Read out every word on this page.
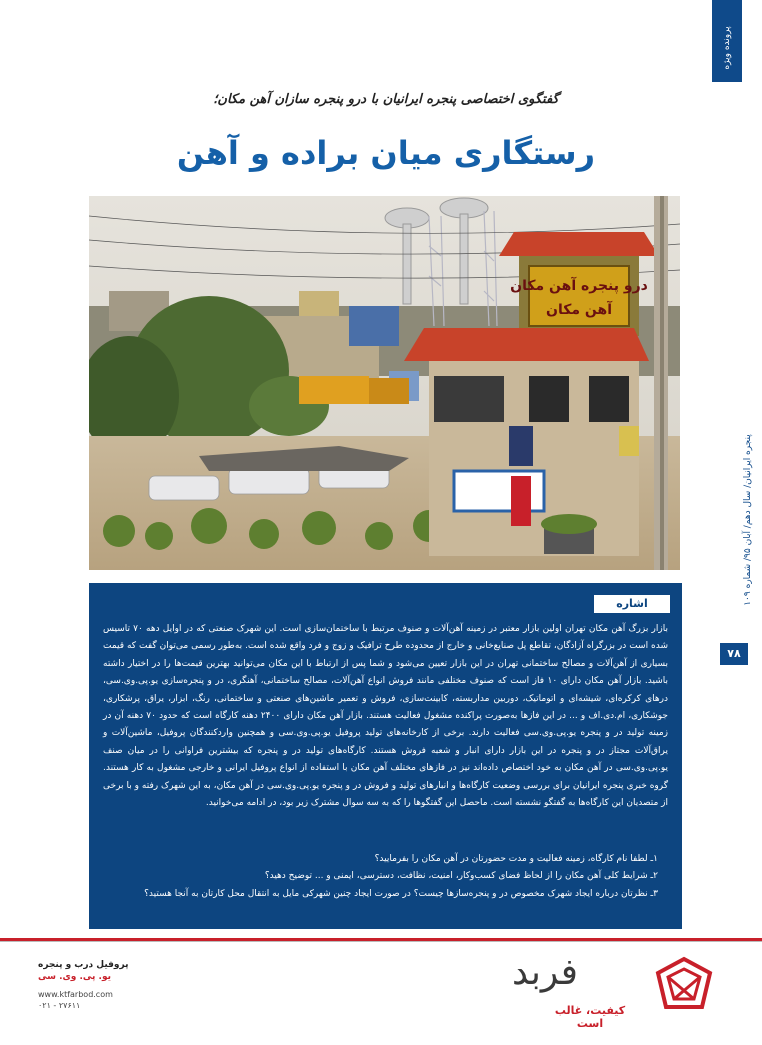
پرونده ویژه
پنجره ایرانیان/ سال دهم/ آبان ۹۵/ شماره ۱۰۹
۷۸
گفتگوی اختصاصی پنجره ایرانیان با درو پنجره سازان آهن مکان؛
رستگاری میان براده و آهن
درو پنجره آهن مکان
آهن مکان
اشاره
بازار بزرگ آهن مکان تهران اولین بازار معتبر در زمینه آهن‌آلات و صنوف مرتبط با ساختمان‌سازی است. این شهرک صنعتی که در اوایل دهه ۷۰ تاسیس شده است در بزرگراه آزادگان، تقاطع پل صنایع‌خانی و خارج از محدوده طرح ترافیک و زوج و فرد واقع شده است. به‌طور رسمی می‌توان گفت که قیمت بسیاری از آهن‌آلات و مصالح ساختمانی تهران در این بازار تعیین می‌شود و شما پس از ارتباط با این مکان می‌توانید بهترین قیمت‌ها را در اختیار داشته باشید. بازار آهن مکان دارای ۱۰ فاز است که صنوف مختلفی مانند فروش انواع آهن‌آلات، مصالح ساختمانی، آهنگری، در و پنجره‌سازی یو.پی.وی.سی، درهای کرکره‌ای، شیشه‌ای و اتوماتیک، دوربین مداربسته، کابینت‌سازی، فروش و تعمیر ماشین‌های صنعتی و ساختمانی، رنگ، ابزار، یراق، پرشکاری، جوشکاری، ام.دی.اف و ... در این فازها به‌صورت پراکنده مشغول فعالیت هستند. بازار آهن مکان دارای ۲۴۰۰ دهنه کارگاه است که حدود ۷۰ دهنه آن در زمینه تولید در و پنجره یو.پی.وی.سی فعالیت دارند. برخی از کارخانه‌های تولید پروفیل یو.پی.وی.سی و همچنین واردکنندگان پروفیل، ماشین‌آلات و یراق‌آلات مجتاز در و پنجره در این بازار دارای انبار و شعبه فروش هستند. کارگاه‌های تولید در و پنجره که بیشترین فراوانی را در میان صنف یو.پی.وی.سی در آهن مکان به خود اختصاص داده‌اند نیز در فازهای مختلف آهن مکان با استفاده از انواع پروفیل ایرانی و خارجی مشغول به کار هستند. گروه خبری پنجره ایرانیان برای بررسی وضعیت کارگاه‌ها و انبارهای تولید و فروش در و پنجره یو.پی.وی.سی در آهن مکان، به این شهرک رفته و با برخی از متصدیان این کارگاه‌ها به گفتگو نشسته است. ماحصل این گفتگوها را که به سه سوال مشترک زیر بود، در ادامه می‌خوانید.

۱ـ لطفا نام کارگاه، زمینه فعالیت و مدت حضورتان در آهن مکان را بفرمایید؟

۲ـ شرایط کلی آهن مکان را از لحاظ فضای کسب‌وکار، امنیت، نظافت، دسترسی، ایمنی و ... توضیح دهید؟

۳ـ نظرتان درباره ایجاد شهرک مخصوص در و پنجره‌سازها چیست؟ در صورت ایجاد چنین شهرکی مایل به انتقال محل کارتان به آنجا هستید؟

فربد
کیفیت، غالب است
پروفیل درب و پنجره
یو. پی. وی. سی
www.ktfarbod.com
۰۲۱ - ۲۷۶۱۱
